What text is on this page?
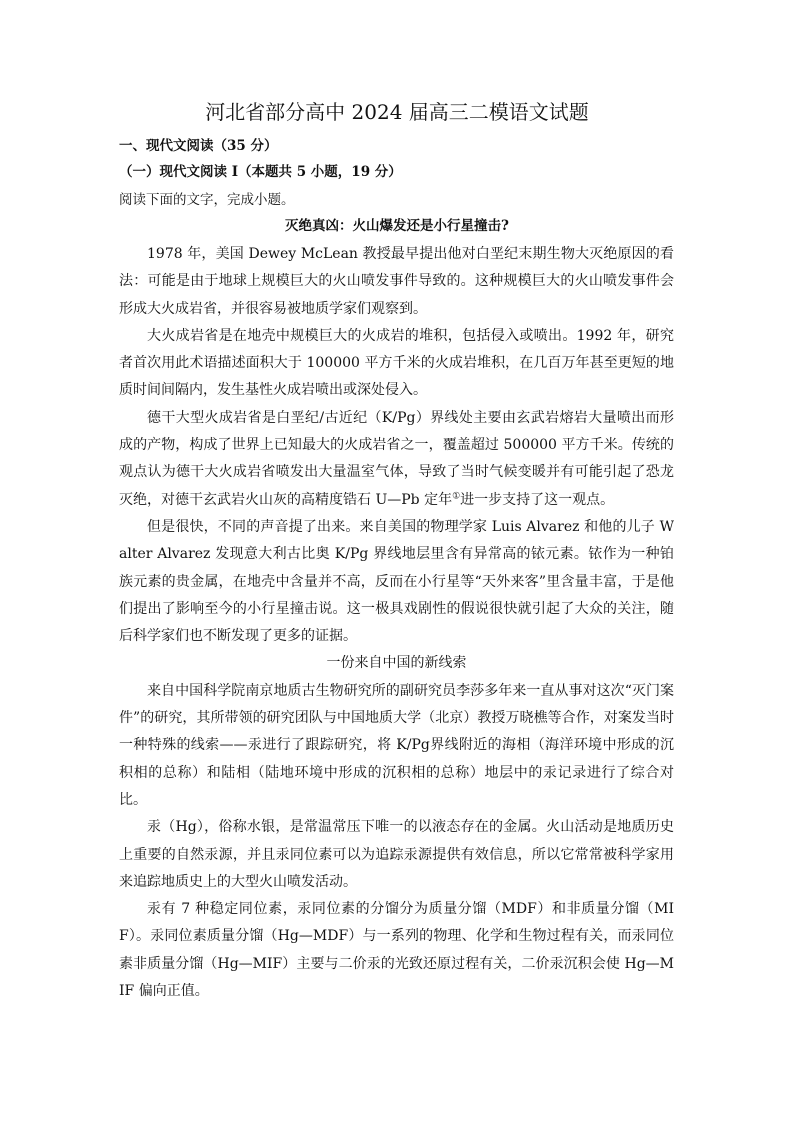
河北省部分高中 2024 届高三二模语文试题
一、现代文阅读（35 分）
（一）现代文阅读 I（本题共 5 小题，19 分）

阅读下面的文字，完成小题。

灭绝真凶：火山爆发还是小行星撞击?

1978 年，美国 Dewey McLean 教授最早提出他对白垩纪末期生物大灭绝原因的看法：可能是由于地球上规模巨大的火山喷发事件导致的。这种规模巨大的火山喷发事件会形成大火成岩省，并很容易被地质学家们观察到。

大火成岩省是在地壳中规模巨大的火成岩的堆积，包括侵入或喷出。1992 年，研究者首次用此术语描述面积大于 100000 平方千米的火成岩堆积，在几百万年甚至更短的地质时间间隔内，发生基性火成岩喷出或深处侵入。

德干大型火成岩省是白垩纪/古近纪（K/Pg）界线处主要由玄武岩熔岩大量喷出而形成的产物，构成了世界上已知最大的火成岩省之一，覆盖超过 500000 平方千米。传统的观点认为德干大火成岩省喷发出大量温室气体，导致了当时气候变暖并有可能引起了恐龙灭绝，对德干玄武岩火山灰的高精度锆石 U—Pb 定年①进一步支持了这一观点。

但是很快，不同的声音提了出来。来自美国的物理学家 Luis Alvarez 和他的儿子 Walter Alvarez 发现意大利古比奥 K/Pg 界线地层里含有异常高的铱元素。铱作为一种铂族元素的贵金属，在地壳中含量并不高，反而在小行星等“天外来客”里含量丰富，于是他们提出了影响至今的小行星撞击说。这一极具戏剧性的假说很快就引起了大众的关注，随后科学家们也不断发现了更多的证据。

一份来自中国的新线索

来自中国科学院南京地质古生物研究所的副研究员李莎多年来一直从事对这次“灭门案件”的研究，其所带领的研究团队与中国地质大学（北京）教授万晓樵等合作，对案发当时一种特殊的线索——汞进行了跟踪研究，将 K/Pg界线附近的海相（海洋环境中形成的沉积相的总称）和陆相（陆地环境中形成的沉积相的总称）地层中的汞记录进行了综合对比。

汞（Hg），俗称水银，是常温常压下唯一的以液态存在的金属。火山活动是地质历史上重要的自然汞源，并且汞同位素可以为追踪汞源提供有效信息，所以它常常被科学家用来追踪地质史上的大型火山喷发活动。

汞有 7 种稳定同位素，汞同位素的分馏分为质量分馏（MDF）和非质量分馏（MIF）。汞同位素质量分馏（Hg—MDF）与一系列的物理、化学和生物过程有关，而汞同位素非质量分馏（Hg—MIF）主要与二价汞的光致还原过程有关，二价汞沉积会使 Hg—MIF 偏向正值。
